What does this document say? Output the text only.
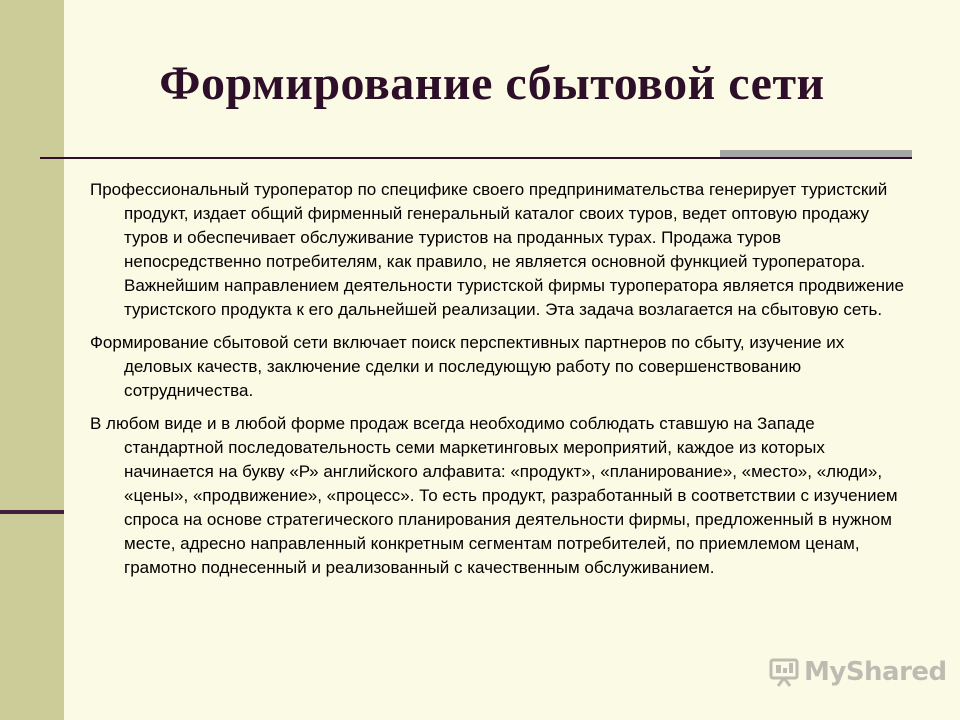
Формирование сбытовой сети

Профессиональный туроператор по специфике своего предпринимательства генерирует туристский продукт, издает общий фирменный генеральный каталог своих туров, ведет оптовую продажу туров и обеспечивает обслуживание туристов на проданных турах. Продажа туров непосредственно потребителям, как правило, не является основной функцией туроператора. Важнейшим направлением деятельности туристской фирмы туроператора является продвижение туристского продукта к его дальнейшей реализации. Эта задача возлагается на сбытовую сеть.

Формирование сбытовой сети включает поиск перспективных партнеров по сбыту, изучение их деловых качеств, заключение сделки и последующую работу по совершенствованию сотрудничества.

В любом виде и в любой форме продаж всегда необходимо соблюдать ставшую на Западе стандартной последовательность семи маркетинговых мероприятий, каждое из которых начинается на букву «Р» английского алфавита: «продукт», «планирование», «место», «люди», «цены», «продвижение», «процесс». То есть продукт, разработанный в соответствии с изучением спроса на основе стратегического планирования деятельности фирмы, предложенный в нужном месте, адресно направленный конкретным сегментам потребителей, по приемлемом ценам, грамотно поднесенный и реализованный с качественным обслуживанием.

MyShared
